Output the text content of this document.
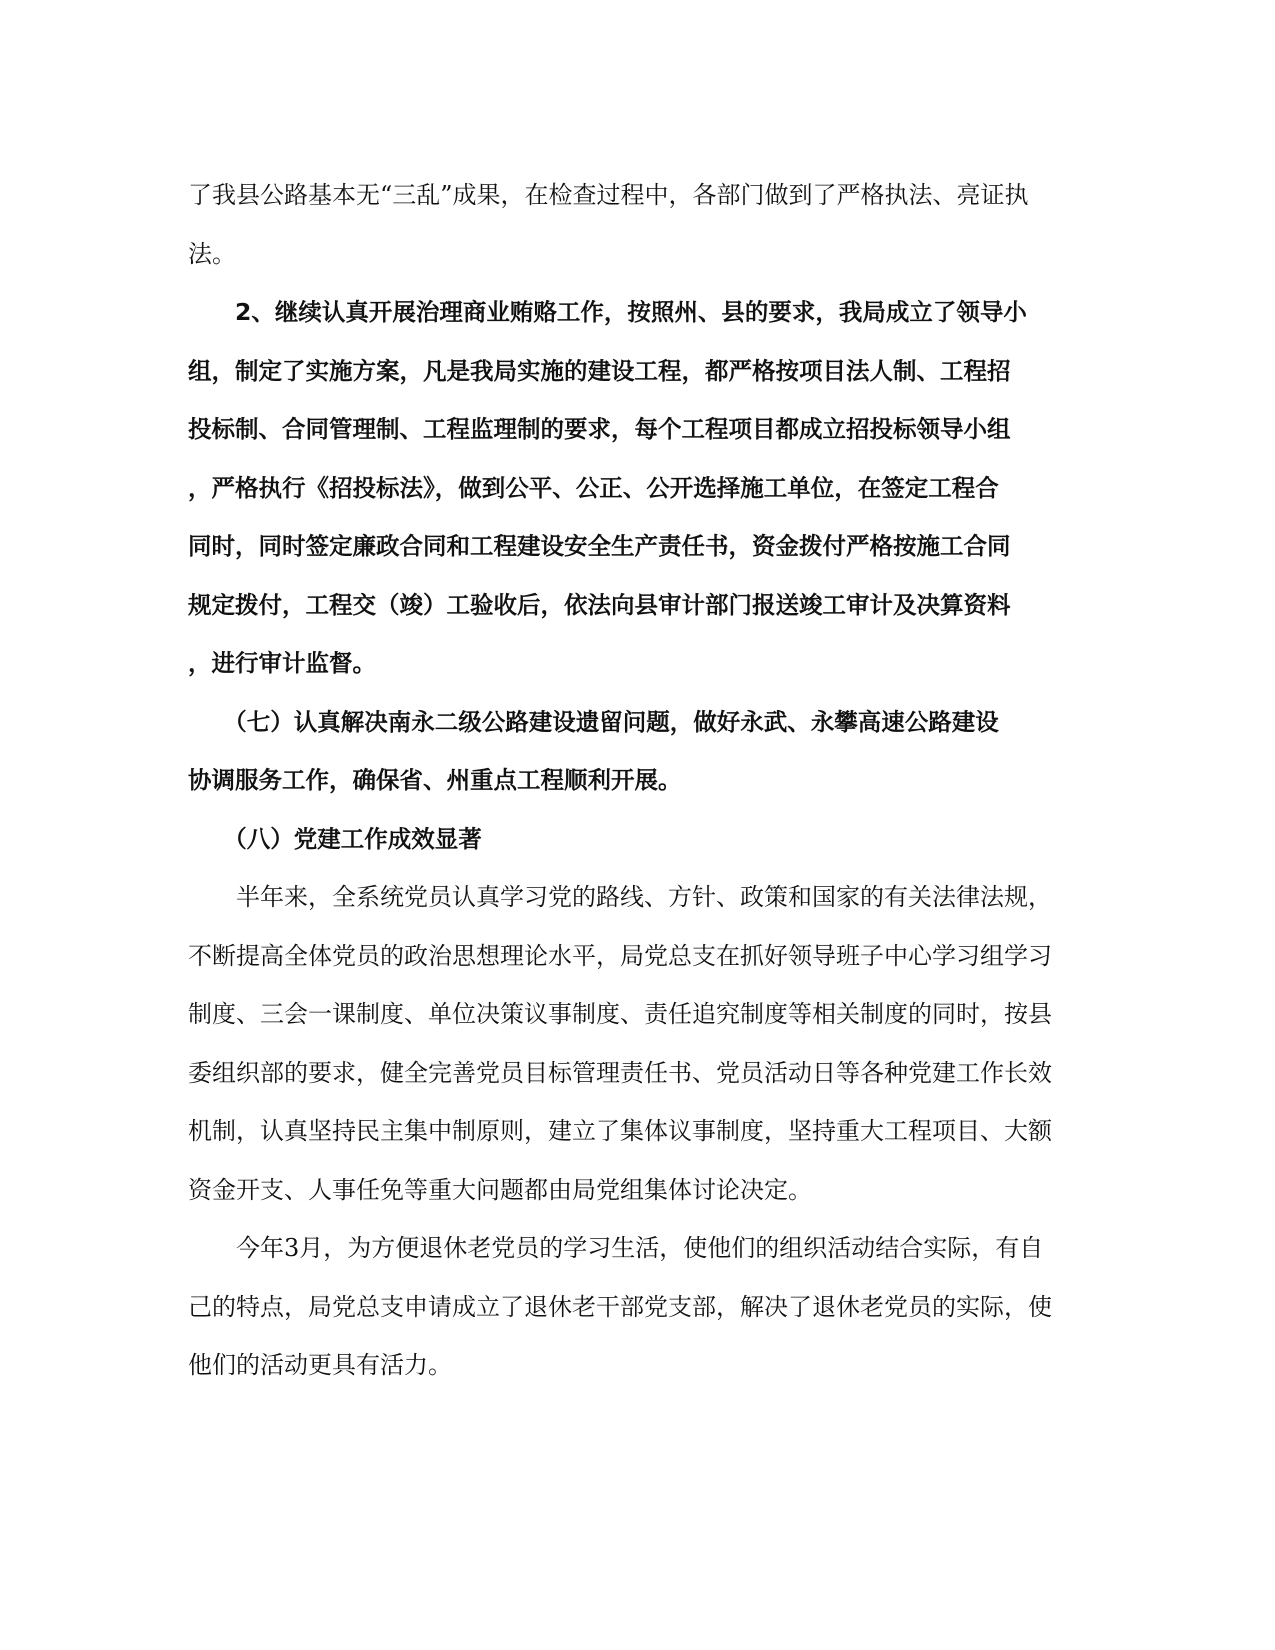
了我县公路基本无“三乱”成果，在检查过程中，各部门做到了严格执法、亮证执
法。
　　2、继续认真开展治理商业贿赂工作，按照州、县的要求，我局成立了领导小
组，制定了实施方案，凡是我局实施的建设工程，都严格按项目法人制、工程招
投标制、合同管理制、工程监理制的要求，每个工程项目都成立招投标领导小组
，严格执行《招投标法》，做到公平、公正、公开选择施工单位，在签定工程合
同时，同时签定廉政合同和工程建设安全生产责任书，资金拨付严格按施工合同
规定拨付，工程交（竣）工验收后，依法向县审计部门报送竣工审计及决算资料
，进行审计监督。
　　（七）认真解决南永二级公路建设遗留问题，做好永武、永攀高速公路建设
协调服务工作，确保省、州重点工程顺利开展。
　　（八）党建工作成效显著
　　半年来，全系统党员认真学习党的路线、方针、政策和国家的有关法律法规，
不断提高全体党员的政治思想理论水平，局党总支在抓好领导班子中心学习组学习
制度、三会一课制度、单位决策议事制度、责任追究制度等相关制度的同时，按县
委组织部的要求，健全完善党员目标管理责任书、党员活动日等各种党建工作长效
机制，认真坚持民主集中制原则，建立了集体议事制度，坚持重大工程项目、大额
资金开支、人事任免等重大问题都由局党组集体讨论决定。
　　今年3月，为方便退休老党员的学习生活，使他们的组织活动结合实际，有自
己的特点，局党总支申请成立了退休老干部党支部，解决了退休老党员的实际，使
他们的活动更具有活力。
